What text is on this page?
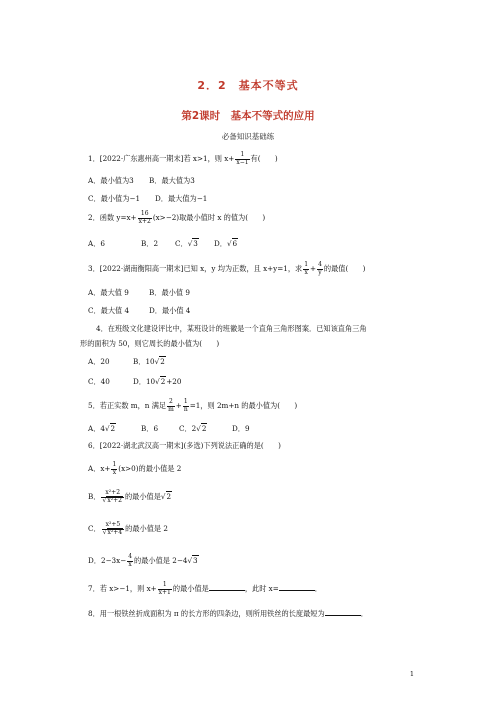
2．2　基本不等式
第2课时　基本不等式的应用
必备知识基础练
1．[2022·广东惠州高一期末]若 x>1，则 $x+ \frac{1}{x-1}$ 有(　　)
A．最小值为3 B．最大值为3
C．最小值为−1 D．最大值为−1
2．函数 $y=x+ \frac{16}{x+2} (x>-2)$取最小值时 x 的值为(　　)
A．6	B．2 C．√3 D．√6
3．[2022·湖南衡阳高一期末]已知 x，y 均为正数，且 x+y=1，求 $\frac{1}{x} + \frac{4}{y}$ 的最值(　　)
A．最大值 9	B．最小值 9
C．最大值 4	D．最小值 4
4．在班级文化建设评比中，某班设计的班徽是一个直角三角形图案．已知该直角三角
形的面积为 50，则它周长的最小值为(　　)
A．20	B．10√2
C．40	D．10√2+20
5．若正实数 m，n 满足 $\frac{2}{m} + \frac{1}{n} =1$，则 2m+n 的最小值为(　　)
A．4√2	B．6	C．2√2	D．9
6．[2022·湖北武汉高一期末](多选)下列说法正确的是(　　)
A．$x+ \frac{1}{x} (x>0)$的最小值是 2
B． $\frac{\text{x²+2}}{\text{√x²+2}}$ 的最小值是√2
C． $\frac{\text{x²+5}}{\text{√x²+4}}$ 的最小值是 2
D．$2-3x- \frac{4}{x}$ 的最小值是 2−4√3
7．若 x>−1，则 $x+ \frac{1}{x+1}$ 的最小值是	，此时 x=	．
8．用一根铁丝折成面积为 π 的长方形的四条边，则所用铁丝的长度最短为	．
1
